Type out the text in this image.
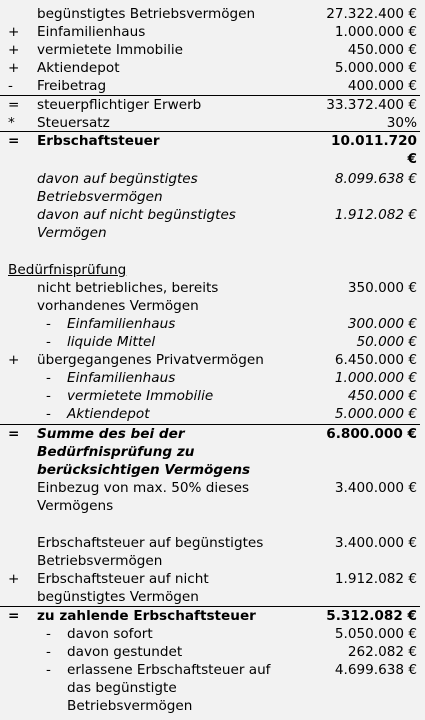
begünstigtes Betriebsvermögen	27.322.400 €
+ Einfamilienhaus	1.000.000 €
+ vermietete Immobilie	450.000 €
+ Aktiendepot	5.000.000 €
- Freibetrag	400.000 €
= steuerpflichtiger Erwerb	33.372.400 €
* Steuersatz	30%
= Erbschaftsteuer	10.011.720
€
davon auf begünstigtes
Betriebsvermögen
8.099.638 €
davon auf nicht begünstigtes
Vermögen
1.912.082 €
Bedürfnisprüfung
nicht betriebliches, bereits
vorhandenes Vermögen
350.000 €
- Einfamilienhaus	300.000 €
- liquide Mittel	50.000 €
+ übergegangenes Privatvermögen	6.450.000 €
- Einfamilienhaus	1.000.000 €
- vermietete Immobilie	450.000 €
- Aktiendepot	5.000.000 €
= Summe des bei der
Bedürfnisprüfung zu
berücksichtigen Vermögens
6.800.000 €
Einbezug von max. 50% dieses
Vermögens
3.400.000 €
Erbschaftsteuer auf begünstigtes
Betriebsvermögen
3.400.000 €
+ Erbschaftsteuer auf nicht
begünstigtes Vermögen
1.912.082 €
= zu zahlende Erbschaftsteuer	5.312.082 €
- davon sofort	5.050.000 €
- davon gestundet	262.082 €
- erlassene Erbschaftsteuer auf
das begünstigte
Betriebsvermögen
4.699.638 €
